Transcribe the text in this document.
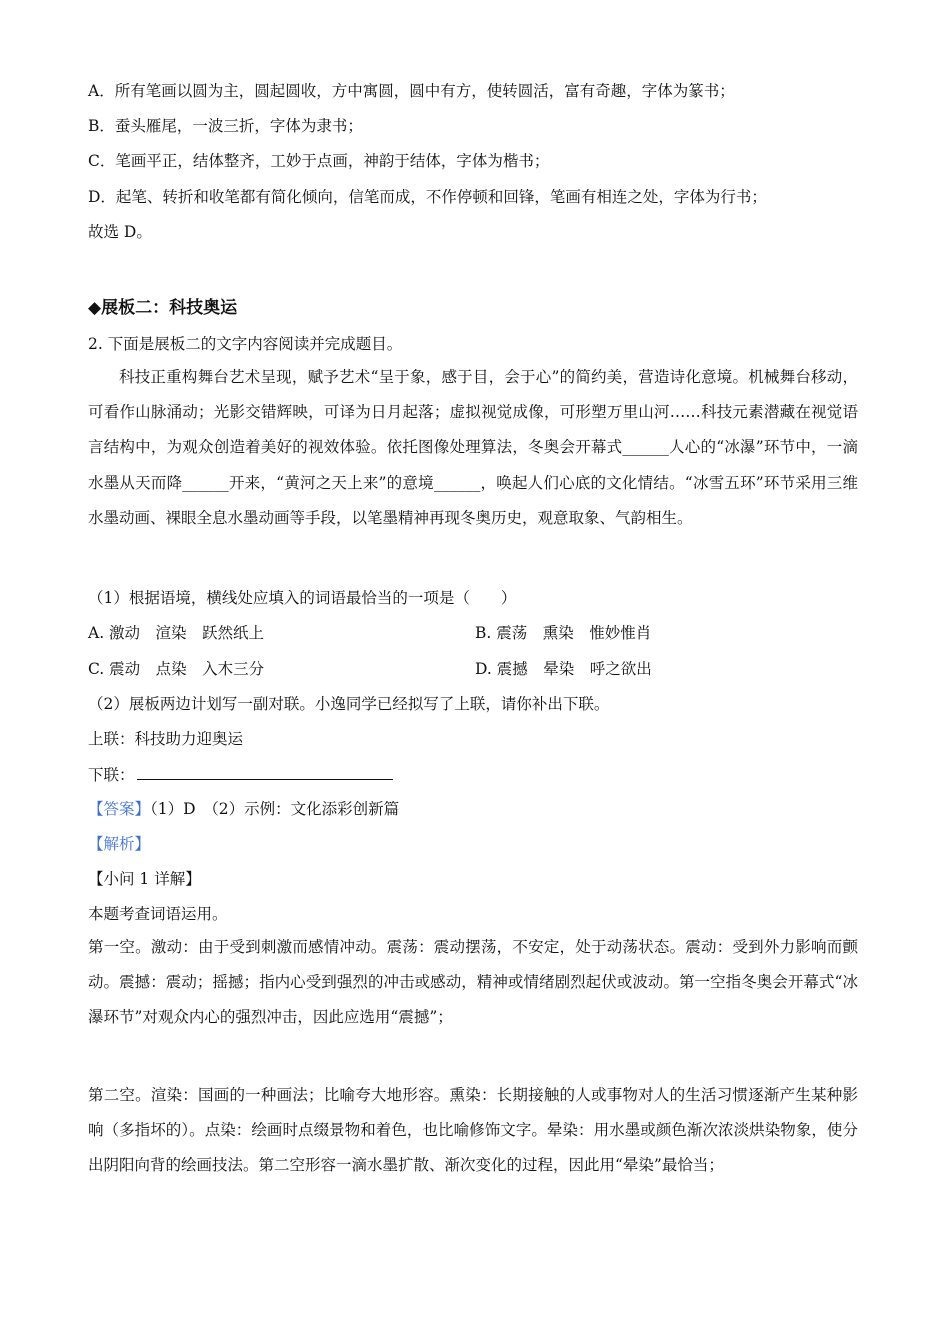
A．所有笔画以圆为主，圆起圆收，方中寓圆，圆中有方，使转圆活，富有奇趣，字体为篆书；
B．蚕头雁尾，一波三折，字体为隶书；
C．笔画平正，结体整齐，工妙于点画，神韵于结体，字体为楷书；
D．起笔、转折和收笔都有简化倾向，信笔而成，不作停顿和回锋，笔画有相连之处，字体为行书；
故选 D。
◆展板二：科技奥运
2. 下面是展板二的文字内容阅读并完成题目。
科技正重构舞台艺术呈现，赋予艺术“呈于象，感于目，会于心”的简约美，营造诗化意境。机械舞台移动，可看作山脉涌动；光影交错辉映，可译为日月起落；虚拟视觉成像，可形塑万里山河……科技元素潜藏在视觉语言结构中，为观众创造着美好的视效体验。依托图像处理算法，冬奥会开幕式______人心的“冰瀑”环节中，一滴水墨从天而降______开来，“黄河之天上来”的意境______，唤起人们心底的文化情结。“冰雪五环”环节采用三维水墨动画、裸眼全息水墨动画等手段，以笔墨精神再现冬奥历史，观意取象、气韵相生。
（1）根据语境，横线处应填入的词语最恰当的一项是（　　）
A. 激动　渲染　跃然纸上	B. 震荡　熏染　惟妙惟肖
C. 震动　点染　入木三分	D. 震撼　晕染　呼之欲出
（2）展板两边计划写一副对联。小逸同学已经拟写了上联，请你补出下联。
上联：科技助力迎奥运
下联：
【答案】（1）D　（2）示例：文化添彩创新篇
【解析】
【小问 1 详解】
本题考查词语运用。
第一空。激动：由于受到刺激而感情冲动。震荡：震动摆荡，不安定，处于动荡状态。震动：受到外力影响而颤动。震撼：震动；摇撼；指内心受到强烈的冲击或感动，精神或情绪剧烈起伏或波动。第一空指冬奥会开幕式“冰瀑环节”对观众内心的强烈冲击，因此应选用“震撼”；
第二空。渲染：国画的一种画法；比喻夸大地形容。熏染：长期接触的人或事物对人的生活习惯逐渐产生某种影响（多指坏的）。点染：绘画时点缀景物和着色，也比喻修饰文字。晕染：用水墨或颜色渐次浓淡烘染物象，使分出阴阳向背的绘画技法。第二空形容一滴水墨扩散、渐次变化的过程，因此用“晕染”最恰当；
